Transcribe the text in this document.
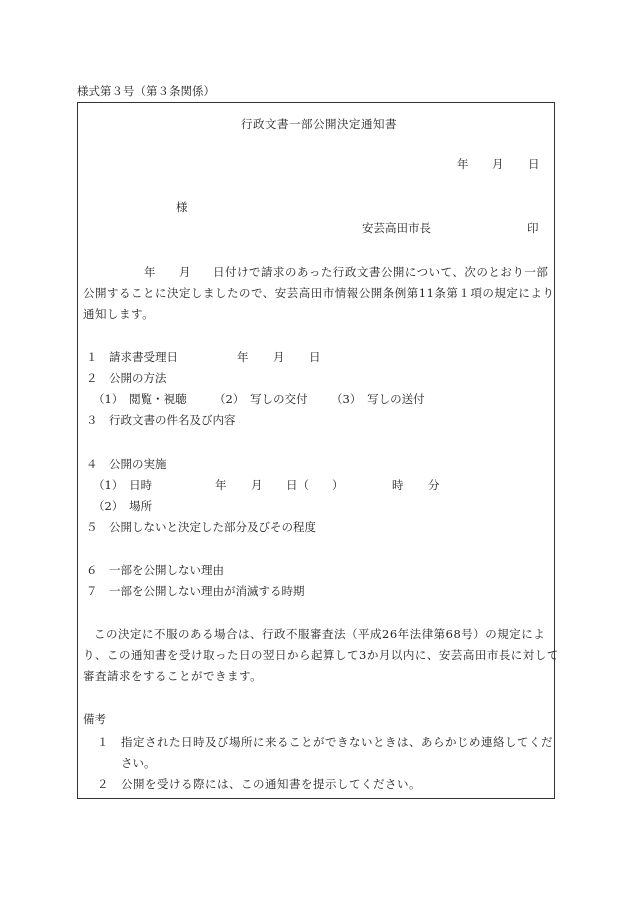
様式第３号（第３条関係）
行政文書一部公開決定通知書
年 月 日
様
安芸高田市長	印
年 月 日付けで請求のあった行政文書公開について、次のとおり一部
公開することに決定しましたので、安芸高田市情報公開条例第11条第１項の規定により
通知します。
１　請求書受理日	年 月 日
２　公開の方法
（1）　閲覧・視聴 （2）　写しの交付 （3）　写しの送付
３　行政文書の件名及び内容
４　公開の実施
（1）　日時	年 月 日（　　）	時 分
（2）　場所
５　公開しないと決定した部分及びその程度
６　一部を公開しない理由
７　一部を公開しない理由が消滅する時期
この決定に不服のある場合は、行政不服審査法（平成26年法律第68号）の規定によ
り、この通知書を受け取った日の翌日から起算して3か月以内に、安芸高田市長に対して
審査請求をすることができます。
備考
１　指定された日時及び場所に来ることができないときは、あらかじめ連絡してくだ
さい。
２　公開を受ける際には、この通知書を提示してください。
